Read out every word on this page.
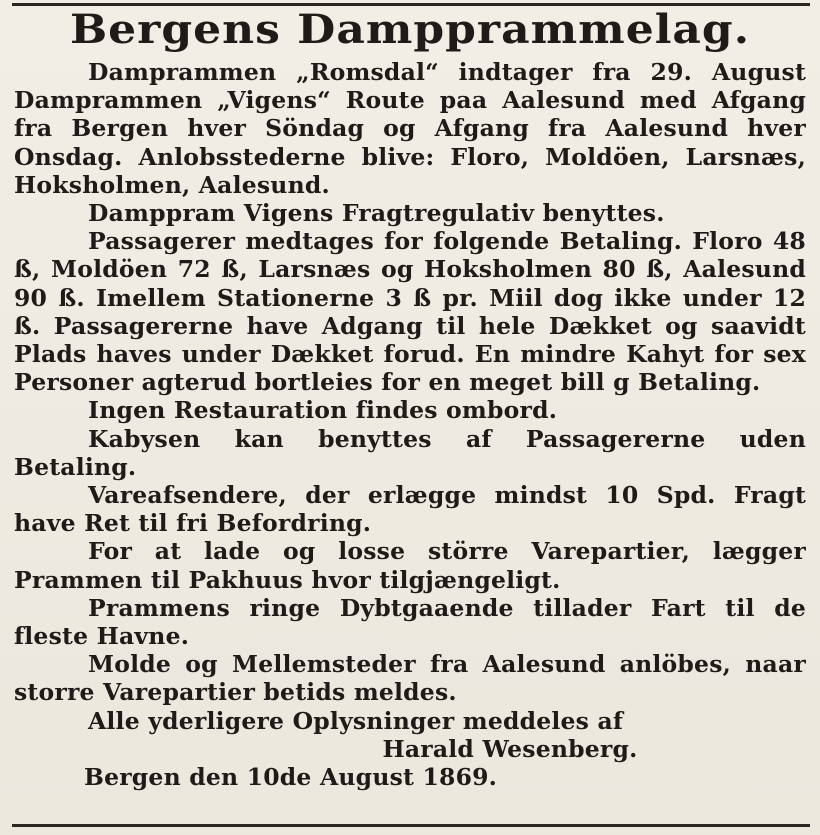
Bergens Dampprammelag.

Damprammen „Romsdal“ indtager fra 29. August Damprammen „Vigens“ Route paa Aalesund med Afgang fra Bergen hver Söndag og Afgang fra Aalesund hver Onsdag. Anlobsstederne blive: Floro, Moldöen, Larsnæs, Hoksholmen, Aalesund.

Damppram Vigens Fragtregulativ benyttes.

Passagerer medtages for folgende Betaling. Floro 48 ß, Moldöen 72 ß, Larsnæs og Hoksholmen 80 ß, Aalesund 90 ß. Imellem Stationerne 3 ß pr. Miil dog ikke under 12 ß. Passagererne have Adgang til hele Dækket og saavidt Plads haves under Dækket forud. En mindre Kahyt for sex Personer agterud bortleies for en meget bill g Betaling.

Ingen Restauration findes ombord.

Kabysen kan benyttes af Passagererne uden Betaling.

Vareafsendere, der erlægge mindst 10 Spd. Fragt have Ret til fri Befordring.

For at lade og losse större Varepartier, lægger Prammen til Pakhuus hvor tilgjængeligt.

Prammens ringe Dybtgaaende tillader Fart til de fleste Havne.

Molde og Mellemsteder fra Aalesund anlöbes, naar storre Varepartier betids meldes.

Alle yderligere Oplysninger meddeles af

Harald Wesenberg.

Bergen den 10de August 1869.
